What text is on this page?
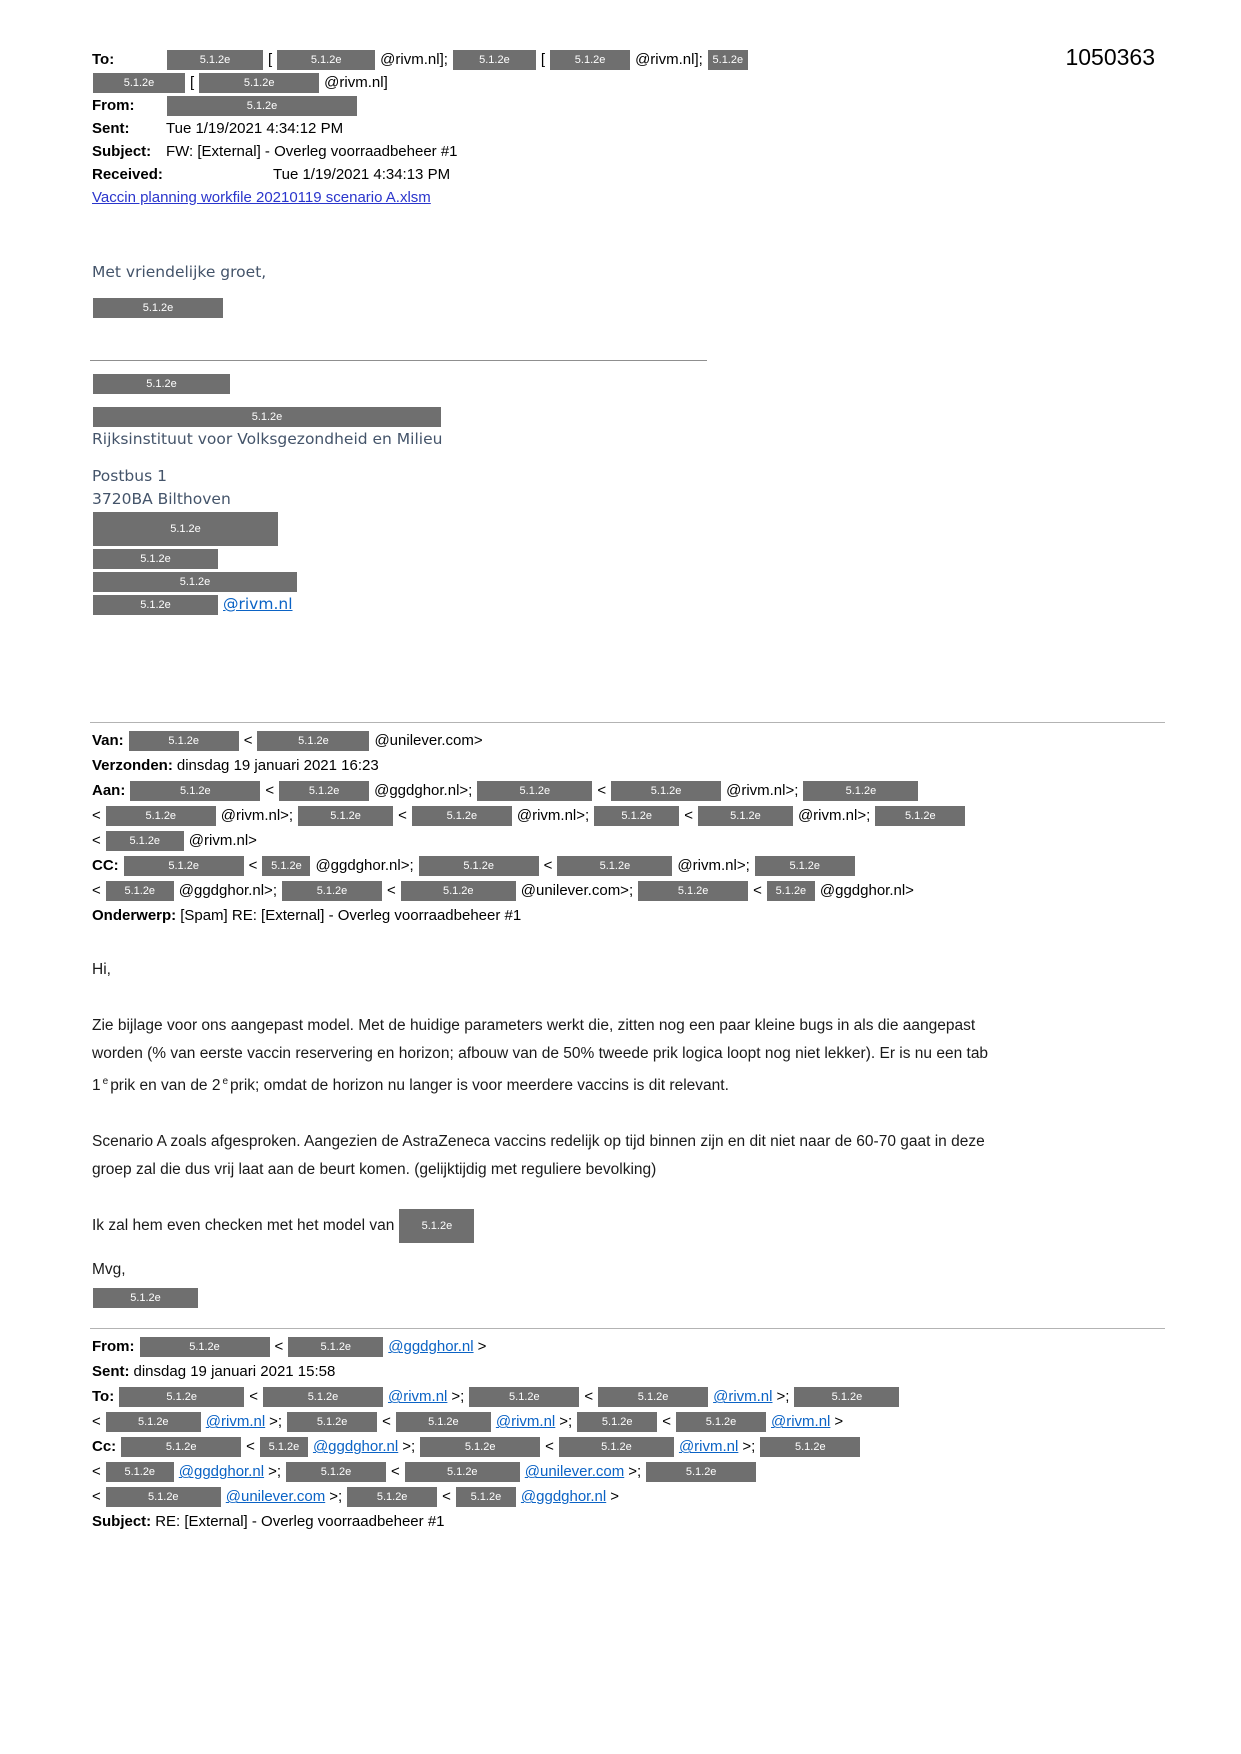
1050363
To:	5.1.2e	[	5.1.2e	@rivm.nl];	5.1.2e [	5.1.2e @rivm.nl]; 5.1.2e
5.1.2e [	5.1.2e	@rivm.nl]
From:	5.1.2e
Sent: Tue 1/19/2021 4:34:12 PM
Subject: FW: [External] - Overleg voorraadbeheer #1
Received:	Tue 1/19/2021 4:34:13 PM
Vaccin planning workfile 20210119 scenario A.xlsm
Met vriendelijke groet,
5.1.2e
5.1.2e
5.1.2e
Rijksinstituut voor Volksgezondheid en Milieu
Postbus 1
3720BA Bilthoven
5.1.2e
5.1.2e
5.1.2e
5.1.2e	@rivm.nl
Van:	5.1.2e	<	5.1.2e	@unilever.com>
Verzonden: dinsdag 19 januari 2021 16:23
Aan:	5.1.2e	<	5.1.2e @ggdghor.nl>;	5.1.2e	<	5.1.2e	@rivm.nl>;	5.1.2e
<	5.1.2e	@rivm.nl>;	5.1.2e <	5.1.2e	@rivm.nl>;	5.1.2e <	5.1.2e @rivm.nl>;	5.1.2e
<	5.1.2e @rivm.nl>
CC:	5.1.2e	< 5.1.2e @ggdghor.nl>;	5.1.2e	<	5.1.2e	@rivm.nl>;	5.1.2e
< 5.1.2e @ggdghor.nl>;	5.1.2e	<	5.1.2e	@unilever.com>;	5.1.2e	< 5.1.2e @ggdghor.nl>
Onderwerp: [Spam] RE: [External] - Overleg voorraadbeheer #1
Hi,
Zie bijlage voor ons aangepast model. Met de huidige parameters werkt die, zitten nog een paar kleine bugs in als die aangepast
worden (% van eerste vaccin reservering en horizon; afbouw van de 50% tweede prik logica loopt nog niet lekker). Er is nu een tab
1 $^e$ prik en van de 2 $^e$ prik; omdat de horizon nu langer is voor meerdere vaccins is dit relevant.
Scenario A zoals afgesproken. Aangezien de AstraZeneca vaccins redelijk op tijd binnen zijn en dit niet naar de 60-70 gaat in deze
groep zal die dus vrij laat aan de beurt komen. (gelijktijdig met reguliere bevolking)
Ik zal hem even checken met het model van 5.1.2e
Mvg,
5.1.2e
From:	5.1.2e	<	5.1.2e @ggdghor.nl >
Sent: dinsdag 19 januari 2021 15:58
To:	5.1.2e	<	5.1.2e	@rivm.nl >;	5.1.2e	<	5.1.2e	@rivm.nl >;	5.1.2e
<	5.1.2e @rivm.nl >;	5.1.2e <	5.1.2e @rivm.nl >;	5.1.2e <	5.1.2e @rivm.nl >
Cc:	5.1.2e	< 5.1.2e @ggdghor.nl >;	5.1.2e	<	5.1.2e	@rivm.nl >;	5.1.2e
< 5.1.2e @ggdghor.nl >;	5.1.2e	<	5.1.2e	@unilever.com >;	5.1.2e
<	5.1.2e	@unilever.com >;	5.1.2e < 5.1.2e @ggdghor.nl >
Subject: RE: [External] - Overleg voorraadbeheer #1
